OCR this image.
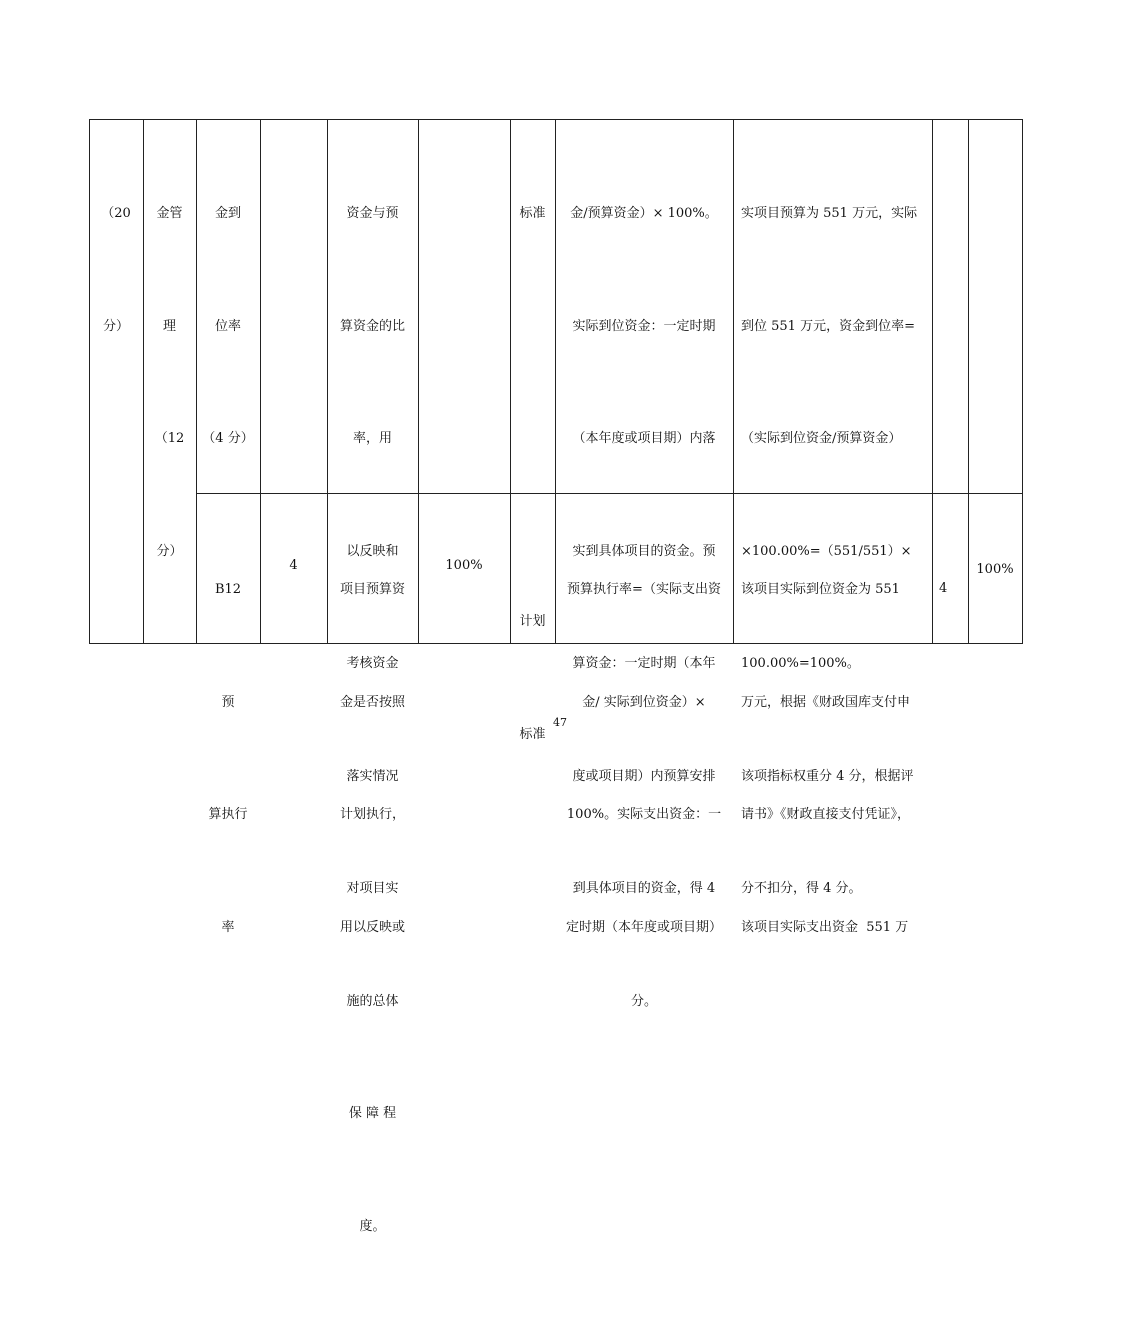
（20

分）

金管

理

（12

分）

金到

位率

（4 分）

资金与预

算资金的比

率，用

以反映和

考核资金

落实情况

对项目实

施的总体

保 障 程

度。

标准

	金/预算资金）× 100%。

实际到位资金：一定时期

（本年度或项目期）内落

实到具体项目的资金。预

算资金：一定时期（本年

度或项目期）内预算安排

到具体项目的资金，得 4

分。

实项目预算为 551 万元，实际

到位 551 万元，资金到位率=

（实际到位资金/预算资金）

×100.00%=（551/551）×

100.00%=100%。

该项指标权重分 4 分，根据评

分不扣分，得 4 分。

B12

预

算执行

率

4

项目预算资

金是否按照

计划执行，

用以反映或

100%

计划

标准

预算执行率=（实际支出资

金/ 实际到位资金）×

100%。实际支出资金：一

定时期（本年度或项目期）

该项目实际到位资金为 551

万元，根据《财政国库支付申

请书》《财政直接支付凭证》，

该项目实际支出资金  551 万

4
100%
47
